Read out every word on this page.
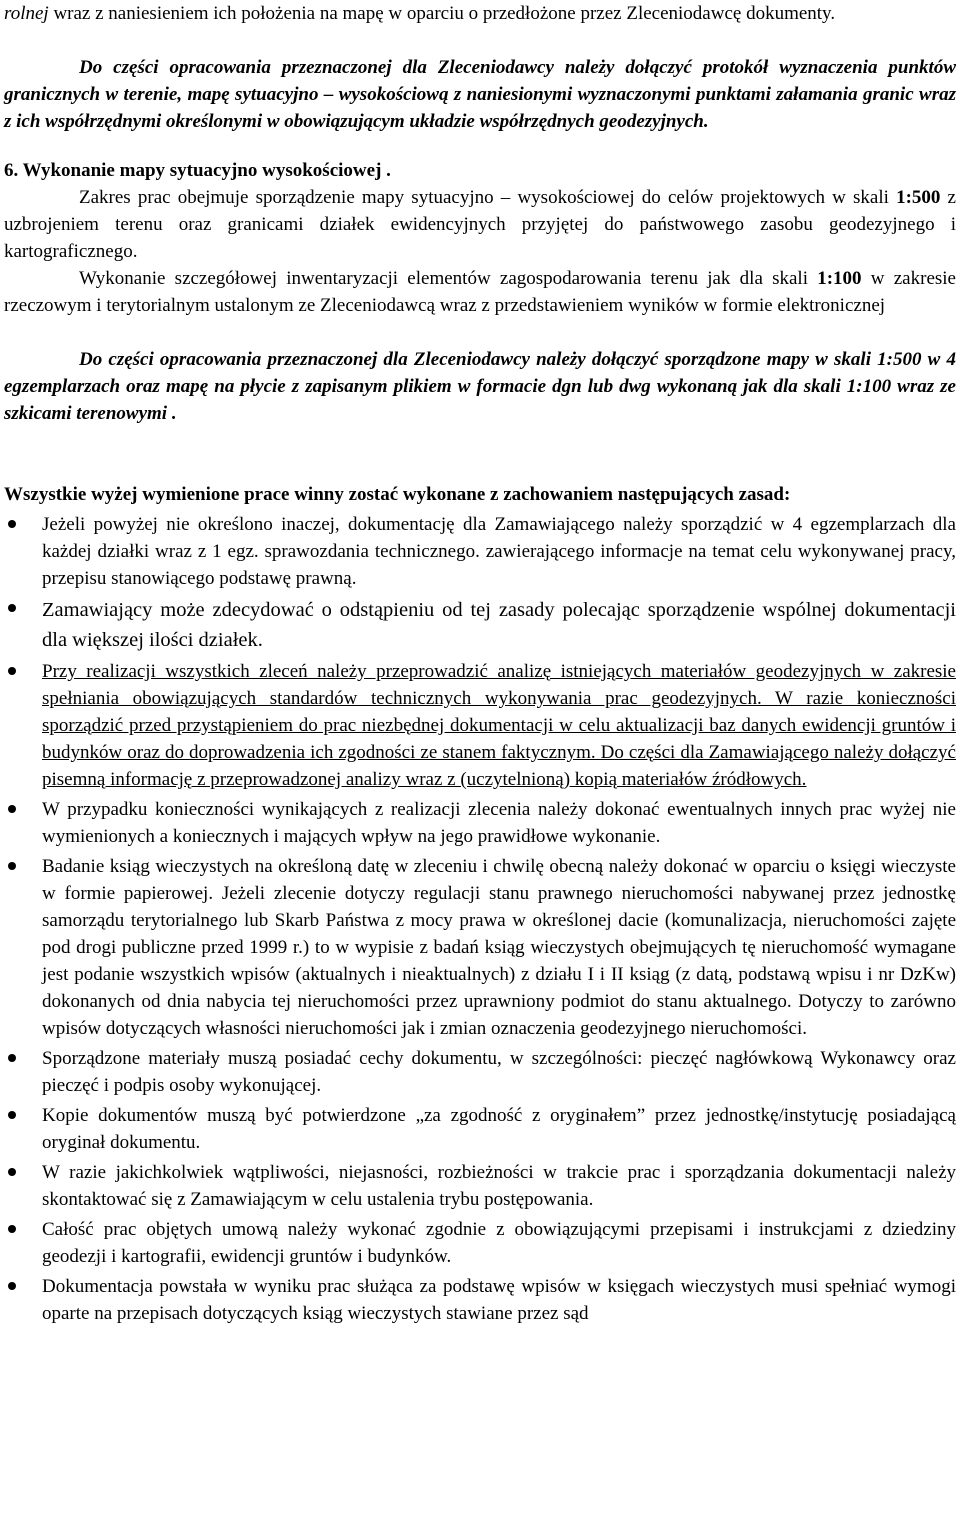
rolnej wraz z naniesieniem ich położenia na mapę w oparciu o przedłożone przez Zleceniodawcę dokumenty.

Do części opracowania przeznaczonej dla Zleceniodawcy należy dołączyć protokół wyznaczenia punktów granicznych w terenie, mapę sytuacyjno – wysokościową z naniesionymi wyznaczonymi punktami załamania granic wraz z ich współrzędnymi określonymi w obowiązującym układzie współrzędnych geodezyjnych.

6. Wykonanie mapy sytuacyjno wysokościowej .

Zakres prac obejmuje sporządzenie mapy sytuacyjno – wysokościowej do celów projektowych w skali 1:500 z uzbrojeniem terenu oraz granicami działek ewidencyjnych przyjętej do państwowego zasobu geodezyjnego i kartograficznego.

Wykonanie szczegółowej inwentaryzacji elementów zagospodarowania terenu jak dla skali 1:100 w zakresie rzeczowym i terytorialnym ustalonym ze Zleceniodawcą wraz z przedstawieniem wyników w formie elektronicznej

Do części opracowania przeznaczonej dla Zleceniodawcy należy dołączyć sporządzone mapy w skali 1:500 w 4 egzemplarzach oraz mapę na płycie z zapisanym plikiem w formacie dgn lub dwg wykonaną jak dla skali 1:100 wraz ze szkicami terenowymi .

Wszystkie wyżej wymienione prace winny zostać wykonane z zachowaniem następujących zasad:

Jeżeli powyżej nie określono inaczej, dokumentację dla Zamawiającego należy sporządzić w 4 egzemplarzach dla każdej działki wraz z 1 egz. sprawozdania technicznego. zawierającego informacje na temat celu wykonywanej pracy, przepisu stanowiącego podstawę prawną.
Zamawiający może zdecydować o odstąpieniu od tej zasady polecając sporządzenie wspólnej dokumentacji dla większej ilości działek.
Przy realizacji wszystkich zleceń należy przeprowadzić analizę istniejących materiałów geodezyjnych w zakresie spełniania obowiązujących standardów technicznych wykonywania prac geodezyjnych. W razie konieczności sporządzić przed przystąpieniem do prac niezbędnej dokumentacji w celu aktualizacji baz danych ewidencji gruntów i budynków oraz do doprowadzenia ich zgodności ze stanem faktycznym. Do części dla Zamawiającego należy dołączyć pisemną informację z przeprowadzonej analizy wraz z (uczytelnioną) kopią materiałów źródłowych.
W przypadku konieczności wynikających z realizacji zlecenia należy dokonać ewentualnych innych prac wyżej nie wymienionych a koniecznych i mających wpływ na jego prawidłowe wykonanie.
Badanie ksiąg wieczystych na określoną datę w zleceniu i chwilę obecną należy dokonać w oparciu o księgi wieczyste w formie papierowej. Jeżeli zlecenie dotyczy regulacji stanu prawnego nieruchomości nabywanej przez jednostkę samorządu terytorialnego lub Skarb Państwa z mocy prawa w określonej dacie (komunalizacja, nieruchomości zajęte pod drogi publiczne przed 1999 r.) to w wypisie z badań ksiąg wieczystych obejmujących tę nieruchomość wymagane jest podanie wszystkich wpisów (aktualnych i nieaktualnych) z działu I i II ksiąg (z datą, podstawą wpisu i nr DzKw) dokonanych od dnia nabycia tej nieruchomości przez uprawniony podmiot do stanu aktualnego. Dotyczy to zarówno wpisów dotyczących własności nieruchomości jak i zmian oznaczenia geodezyjnego nieruchomości.
Sporządzone materiały muszą posiadać cechy dokumentu, w szczególności: pieczęć nagłówkową Wykonawcy oraz pieczęć i podpis osoby wykonującej.
Kopie dokumentów muszą być potwierdzone „za zgodność z oryginałem” przez jednostkę/instytucję posiadającą oryginał dokumentu.
W razie jakichkolwiek wątpliwości, niejasności, rozbieżności w trakcie prac i sporządzania dokumentacji należy skontaktować się z Zamawiającym w celu ustalenia trybu postępowania.
Całość prac objętych umową należy wykonać zgodnie z obowiązującymi przepisami i instrukcjami z dziedziny geodezji i kartografii, ewidencji gruntów i budynków.
Dokumentacja powstała w wyniku prac służąca za podstawę wpisów w księgach wieczystych musi spełniać wymogi oparte na przepisach dotyczących ksiąg wieczystych stawiane przez sąd
